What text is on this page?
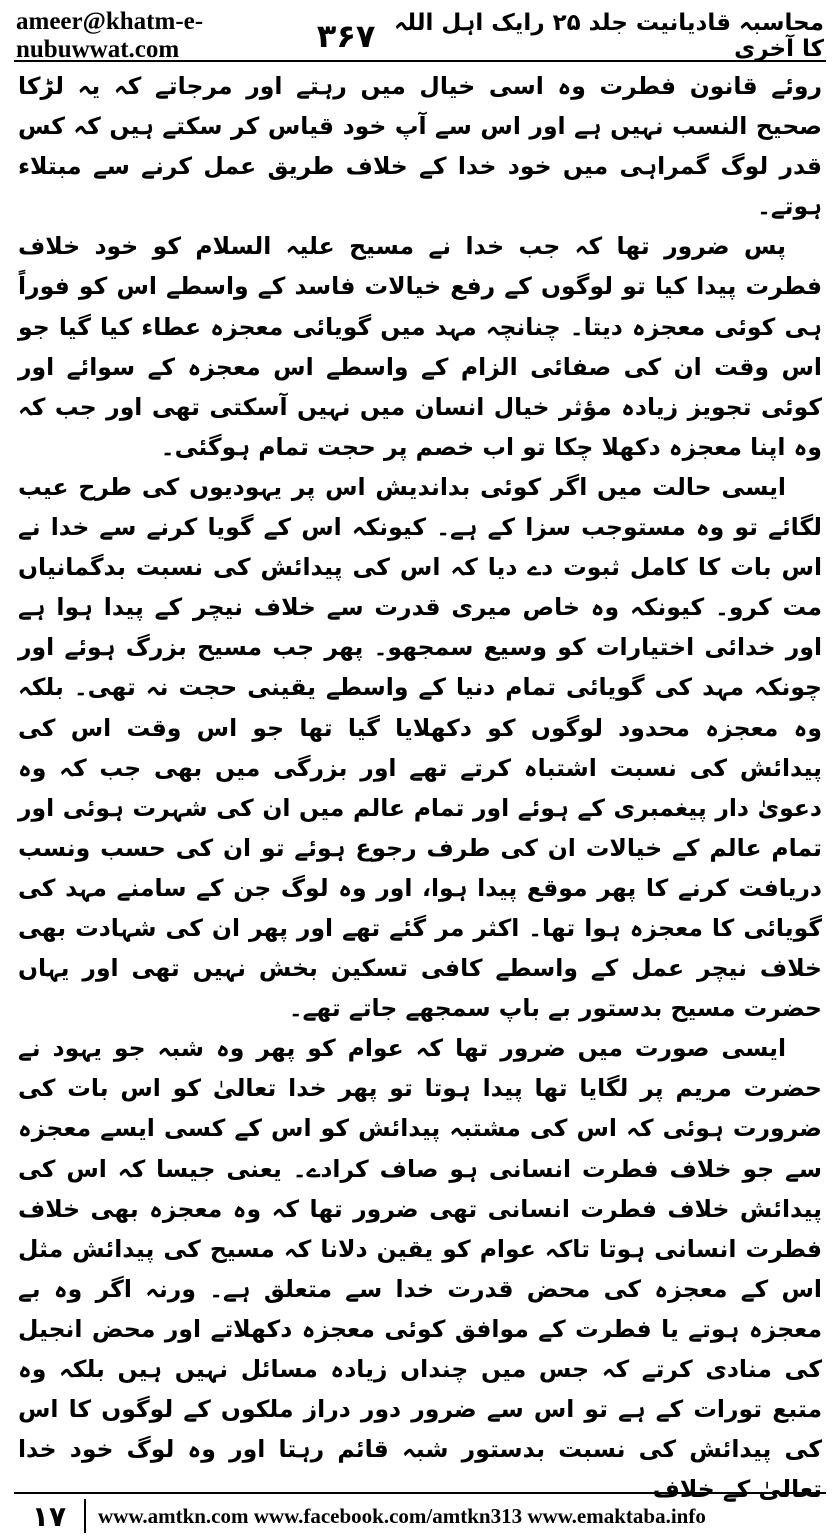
ameer@khatm-e-nubuwwat.com	۳۶۷ محاسبہ قادیانیت جلد ۲۵ رایک اہل اللہ کا آخری

روئے قانون فطرت وہ اسی خیال میں رہتے اور مرجاتے کہ یہ لڑکا صحیح النسب نہیں ہے اور اس سے آپ خود قیاس کر سکتے ہیں کہ کس قدر لوگ گمراہی میں خود خدا کے خلاف طریق عمل کرنے سے مبتلاء ہوتے۔

پس ضرور تھا کہ جب خدا نے مسیح علیہ السلام کو خود خلاف فطرت پیدا کیا تو لوگوں کے رفع خیالات فاسد کے واسطے اس کو فوراً ہی کوئی معجزہ دیتا۔ چنانچہ مہد میں گویائی معجزہ عطاء کیا گیا جو اس وقت ان کی صفائی الزام کے واسطے اس معجزہ کے سوائے اور کوئی تجویز زیادہ مؤثر خیال انسان میں نہیں آسکتی تھی اور جب کہ وہ اپنا معجزہ دکھلا چکا تو اب خصم پر حجت تمام ہوگئی۔

ایسی حالت میں اگر کوئی بداندیش اس پر یہودیوں کی طرح عیب لگائے تو وہ مستوجب سزا کے ہے۔ کیونکہ اس کے گویا کرنے سے خدا نے اس بات کا کامل ثبوت دے دیا کہ اس کی پیدائش کی نسبت بدگمانیاں مت کرو۔ کیونکہ وہ خاص میری قدرت سے خلاف نیچر کے پیدا ہوا ہے اور خدائی اختیارات کو وسیع سمجھو۔ پھر جب مسیح بزرگ ہوئے اور چونکہ مہد کی گویائی تمام دنیا کے واسطے یقینی حجت نہ تھی۔ بلکہ وہ معجزہ محدود لوگوں کو دکھلایا گیا تھا جو اس وقت اس کی پیدائش کی نسبت اشتباہ کرتے تھے اور بزرگی میں بھی جب کہ وہ دعویٰ دار پیغمبری کے ہوئے اور تمام عالم میں ان کی شہرت ہوئی اور تمام عالم کے خیالات ان کی طرف رجوع ہوئے تو ان کی حسب ونسب دریافت کرنے کا پھر موقع پیدا ہوا، اور وہ لوگ جن کے سامنے مہد کی گویائی کا معجزہ ہوا تھا۔ اکثر مر گئے تھے اور پھر ان کی شہادت بھی خلاف نیچر عمل کے واسطے کافی تسکین بخش نہیں تھی اور یہاں حضرت مسیح بدستور بے باپ سمجھے جاتے تھے۔

ایسی صورت میں ضرور تھا کہ عوام کو پھر وہ شبہ جو یہود نے حضرت مریم پر لگایا تھا پیدا ہوتا تو پھر خدا تعالیٰ کو اس بات کی ضرورت ہوئی کہ اس کی مشتبہ پیدائش کو اس کے کسی ایسے معجزہ سے جو خلاف فطرت انسانی ہو صاف کرادے۔ یعنی جیسا کہ اس کی پیدائش خلاف فطرت انسانی تھی ضرور تھا کہ وہ معجزہ بھی خلاف فطرت انسانی ہوتا تاکہ عوام کو یقین دلانا کہ مسیح کی پیدائش مثل اس کے معجزہ کی محض قدرت خدا سے متعلق ہے۔ ورنہ اگر وہ بے معجزہ ہوتے یا فطرت کے موافق کوئی معجزہ دکھلاتے اور محض انجیل کی منادی کرتے کہ جس میں چنداں زیادہ مسائل نہیں ہیں بلکہ وہ متبع تورات کے ہے تو اس سے ضرور دور دراز ملکوں کے لوگوں کا اس کی پیدائش کی نسبت بدستور شبہ قائم رہتا اور وہ لوگ خود خدا تعالیٰ کے خلاف

۱۷	www.amtkn.com www.facebook.com/amtkn313 www.emaktaba.info
